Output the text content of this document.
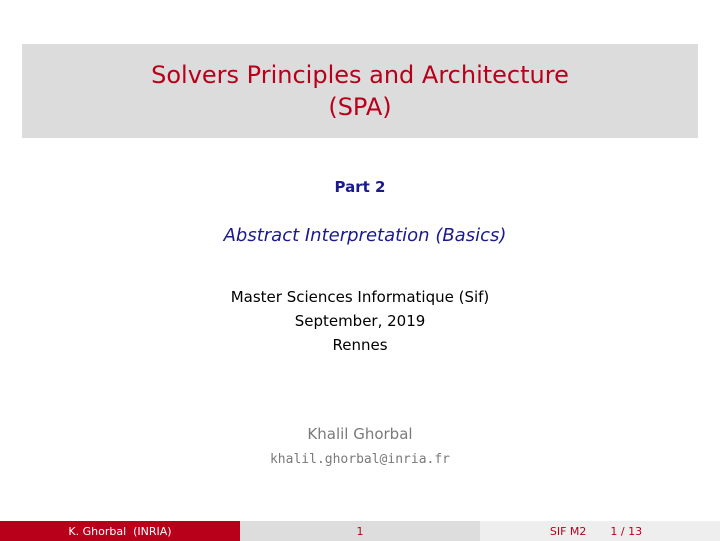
Solvers Principles and Architecture
(SPA)
Part 2
Abstract Interpretation (Basics)
Master Sciences Informatique (Sif)
September, 2019
Rennes
Khalil Ghorbal
khalil.ghorbal@inria.fr
K. Ghorbal  (INRIA)	1	SIF M2 1 / 13
